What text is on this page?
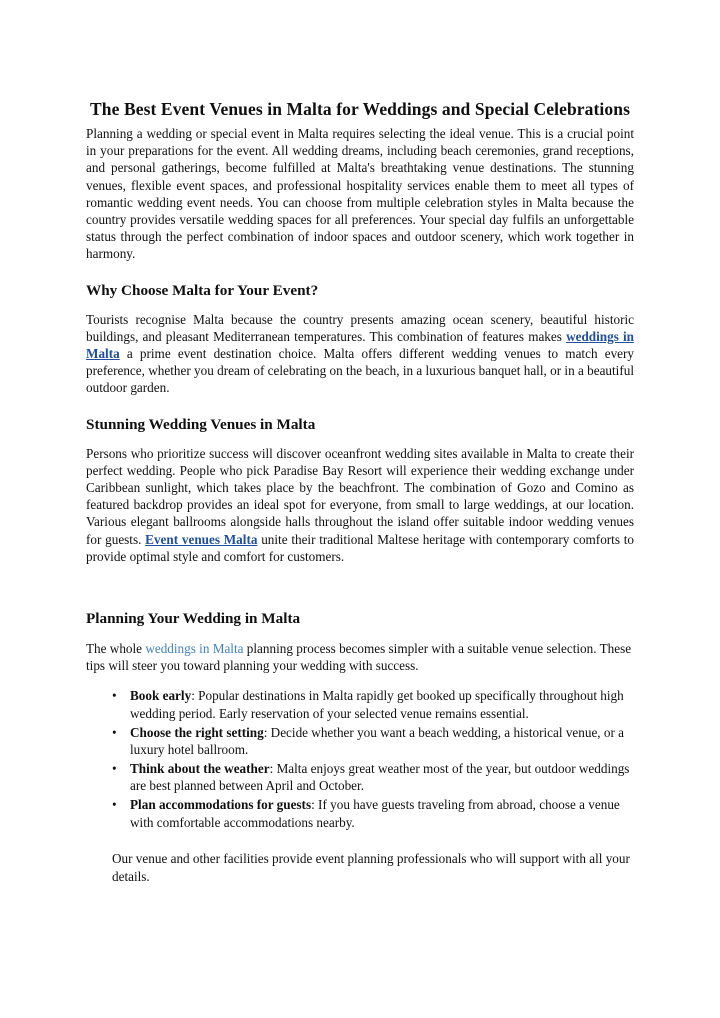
The Best Event Venues in Malta for Weddings and Special Celebrations

Planning a wedding or special event in Malta requires selecting the ideal venue. This is a crucial point in your preparations for the event. All wedding dreams, including beach ceremonies, grand receptions, and personal gatherings, become fulfilled at Malta's breathtaking venue destinations. The stunning venues, flexible event spaces, and professional hospitality services enable them to meet all types of romantic wedding event needs. You can choose from multiple celebration styles in Malta because the country provides versatile wedding spaces for all preferences. Your special day fulfils an unforgettable status through the perfect combination of indoor spaces and outdoor scenery, which work together in harmony.

Why Choose Malta for Your Event?

Tourists recognise Malta because the country presents amazing ocean scenery, beautiful historic buildings, and pleasant Mediterranean temperatures. This combination of features makes weddings in Malta a prime event destination choice. Malta offers different wedding venues to match every preference, whether you dream of celebrating on the beach, in a luxurious banquet hall, or in a beautiful outdoor garden.

Stunning Wedding Venues in Malta

Persons who prioritize success will discover oceanfront wedding sites available in Malta to create their perfect wedding. People who pick Paradise Bay Resort will experience their wedding exchange under Caribbean sunlight, which takes place by the beachfront. The combination of Gozo and Comino as featured backdrop provides an ideal spot for everyone, from small to large weddings, at our location. Various elegant ballrooms alongside halls throughout the island offer suitable indoor wedding venues for guests. Event venues Malta unite their traditional Maltese heritage with contemporary comforts to provide optimal style and comfort for customers.

Planning Your Wedding in Malta

The whole weddings in Malta planning process becomes simpler with a suitable venue selection. These tips will steer you toward planning your wedding with success.

• Book early: Popular destinations in Malta rapidly get booked up specifically throughout high wedding period. Early reservation of your selected venue remains essential.
• Choose the right setting: Decide whether you want a beach wedding, a historical venue, or a luxury hotel ballroom.
• Think about the weather: Malta enjoys great weather most of the year, but outdoor weddings are best planned between April and October.
• Plan accommodations for guests: If you have guests traveling from abroad, choose a venue with comfortable accommodations nearby.

Our venue and other facilities provide event planning professionals who will support with all your details.
